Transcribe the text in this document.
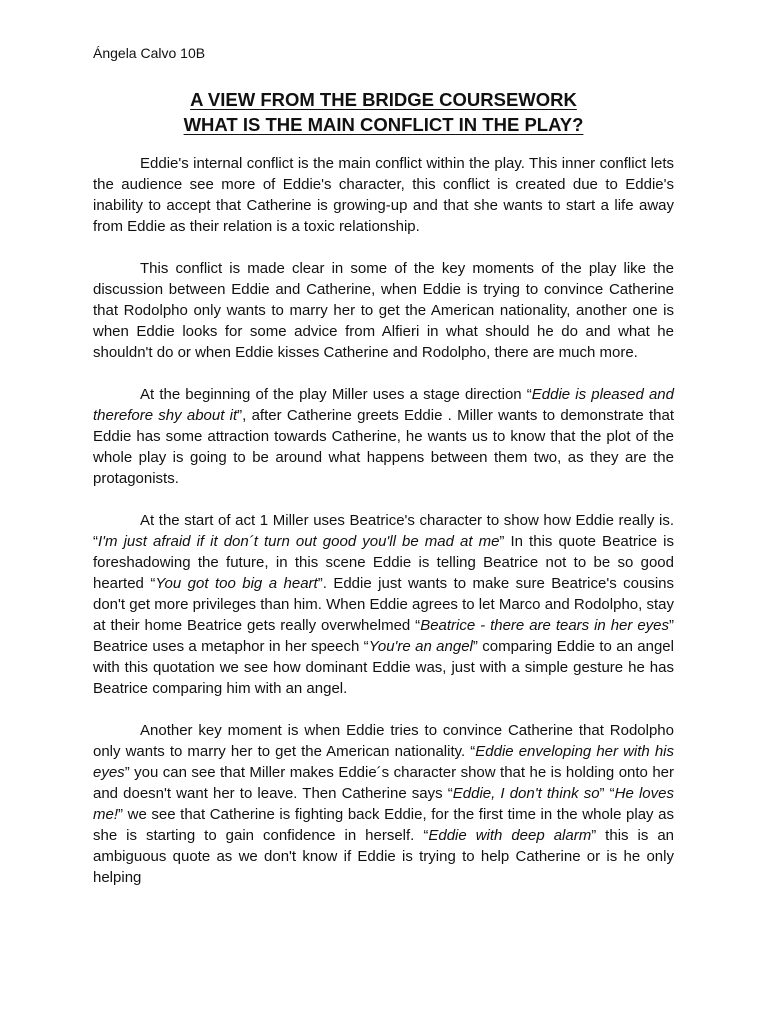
Ángela Calvo 10B
A VIEW FROM THE BRIDGE COURSEWORK
WHAT IS THE MAIN CONFLICT IN THE PLAY?

Eddie's internal conflict is the main conflict within the play. This inner conflict lets the audience see more of Eddie's character, this conflict is created due to Eddie's inability to accept that Catherine is growing-up and that she wants to start a life away from Eddie as their relation is a toxic relationship.

This conflict is made clear in some of the key moments of the play like the discussion between Eddie and Catherine, when Eddie is trying to convince Catherine that Rodolpho only wants to marry her to get the American nationality, another one is when Eddie looks for some advice from Alfieri in what should he do and what he shouldn't do or when Eddie kisses Catherine and Rodolpho, there are much more.

At the beginning of the play Miller uses a stage direction “Eddie is pleased and therefore shy about it”, after Catherine greets Eddie . Miller wants to demonstrate that Eddie has some attraction towards Catherine, he wants us to know that the plot of the whole play is going to be around what happens between them two, as they are the protagonists.

At the start of act 1 Miller uses Beatrice's character to show how Eddie really is. “I'm just afraid if it don´t turn out good you'll be mad at me” In this quote Beatrice is foreshadowing the future, in this scene Eddie is telling Beatrice not to be so good hearted “You got too big a heart”. Eddie just wants to make sure Beatrice's cousins don't get more privileges than him. When Eddie agrees to let Marco and Rodolpho, stay at their home Beatrice gets really overwhelmed “Beatrice - there are tears in her eyes” Beatrice uses a metaphor in her speech “You're an angel” comparing Eddie to an angel with this quotation we see how dominant Eddie was, just with a simple gesture he has Beatrice comparing him with an angel.

Another key moment is when Eddie tries to convince Catherine that Rodolpho only wants to marry her to get the American nationality. “Eddie enveloping her with his eyes” you can see that Miller makes Eddie´s character show that he is holding onto her and doesn't want her to leave. Then Catherine says “Eddie, I don't think so” “He loves me!” we see that Catherine is fighting back Eddie, for the first time in the whole play as she is starting to gain confidence in herself. “Eddie with deep alarm” this is an ambiguous quote as we don't know if Eddie is trying to help Catherine or is he only helping
